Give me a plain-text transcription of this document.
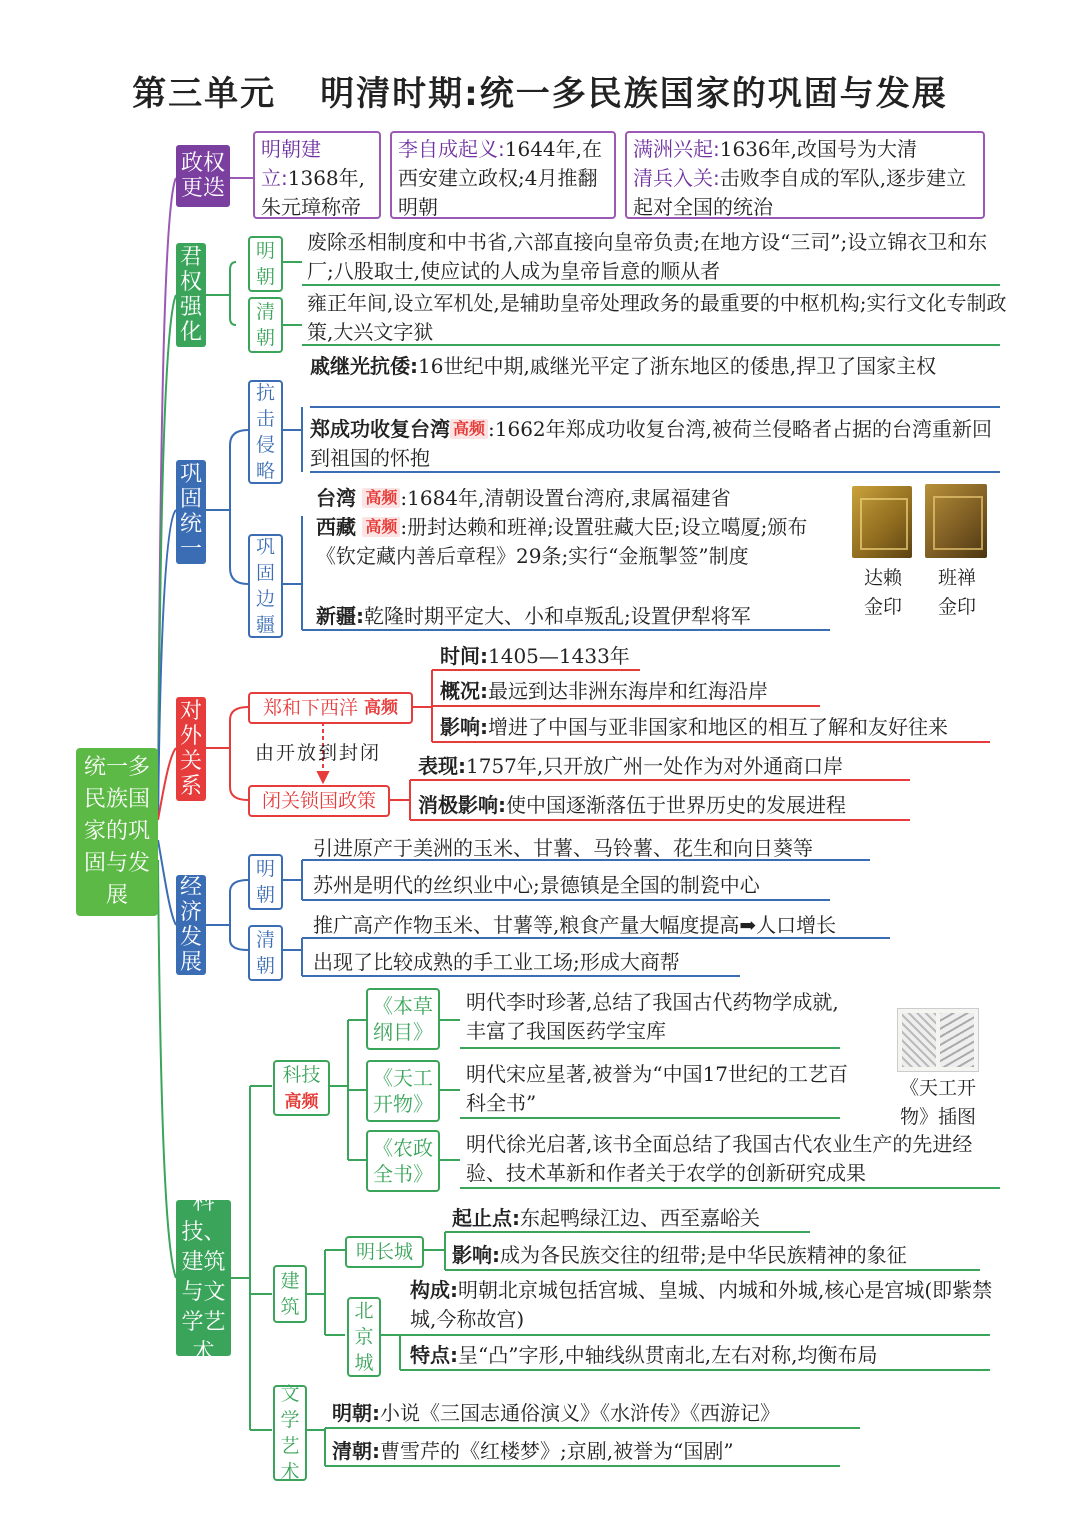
第三单元 明清时期:统一多民族国家的巩固与发展
统一多民族国家的巩固与发展
政权更迭
明朝建立:1368年,朱元璋称帝
李自成起义:1644年,在西安建立政权;4月推翻明朝
满洲兴起:1636年,改国号为大清
清兵入关:击败李自成的军队,逐步建立起对全国的统治
君权强化
明朝
废除丞相制度和中书省,六部直接向皇帝负责;在地方设“三司”;设立锦衣卫和东厂;八股取士,使应试的人成为皇帝旨意的顺从者
清朝
雍正年间,设立军机处,是辅助皇帝处理政务的最重要的中枢机构;实行文化专制政策,大兴文字狱
巩固统一
抗击侵略
戚继光抗倭:16世纪中期,戚继光平定了浙东地区的倭患,捍卫了国家主权
郑成功收复台湾 高频 :1662年郑成功收复台湾,被荷兰侵略者占据的台湾重新回到祖国的怀抱
巩固边疆
台湾 高频 :1684年,清朝设置台湾府,隶属福建省
西藏 高频 :册封达赖和班禅;设置驻藏大臣;设立噶厦;颁布《钦定藏内善后章程》29条;实行“金瓶掣签”制度
新疆:乾隆时期平定大、小和卓叛乱;设置伊犁将军
达赖金印
班禅金印
对外关系
郑和下西洋
高频
时间:1405—1433年
概况:最远到达非洲东海岸和红海沿岸
影响:增进了中国与亚非国家和地区的相互了解和友好往来
由开放到封闭
闭关锁国政策
表现:1757年,只开放广州一处作为对外通商口岸
消极影响:使中国逐渐落伍于世界历史的发展进程
经济发展
明朝
引进原产于美洲的玉米、甘薯、马铃薯、花生和向日葵等
苏州是明代的丝织业中心;景德镇是全国的制瓷中心
清朝
推广高产作物玉米、甘薯等,粮食产量大幅度提高➡人口增长
出现了比较成熟的手工业工场;形成大商帮
科技、建筑与文学艺术
科技
高频
《本草纲目》
明代李时珍著,总结了我国古代药物学成就,丰富了我国医药学宝库
《天工开物》
明代宋应星著,被誉为“中国17世纪的工艺百科全书”
《农政全书》
明代徐光启著,该书全面总结了我国古代农业生产的先进经验、技术革新和作者关于农学的创新研究成果
《天工开物》插图
建筑
明长城
起止点:东起鸭绿江边、西至嘉峪关
影响:成为各民族交往的纽带;是中华民族精神的象征
北京城
构成:明朝北京城包括宫城、皇城、内城和外城,核心是宫城(即紫禁城,今称故宫)
特点:呈“凸”字形,中轴线纵贯南北,左右对称,均衡布局
文学艺术
明朝:小说《三国志通俗演义》《水浒传》《西游记》
清朝:曹雪芹的《红楼梦》;京剧,被誉为“国剧”
